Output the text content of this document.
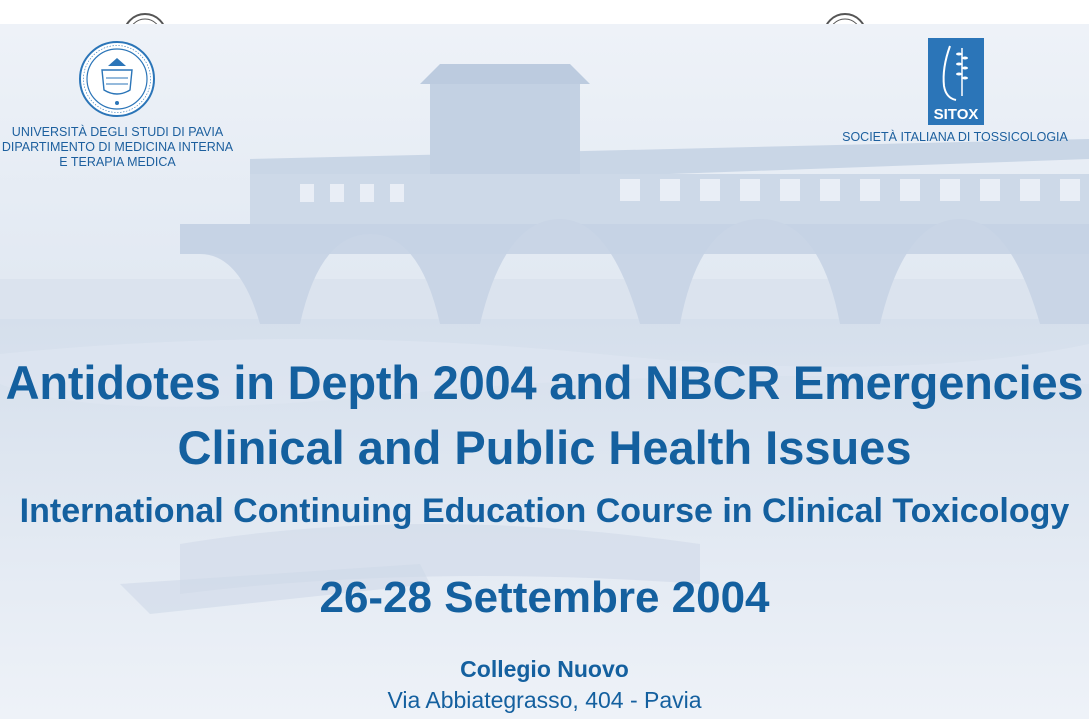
UNIVERSITÀ DEGLI STUDI DI PAVIA
DIPARTIMENTO DI MEDICINA INTERNA
E TERAPIA MEDICA
SITOX
SOCIETÀ ITALIANA DI TOSSICOLOGIA
Antidotes in Depth 2004 and NBCR Emergencies
Clinical and Public Health Issues
International Continuing Education Course in Clinical Toxicology
26-28 Settembre 2004
Collegio Nuovo
Via Abbiategrasso, 404 - Pavia
